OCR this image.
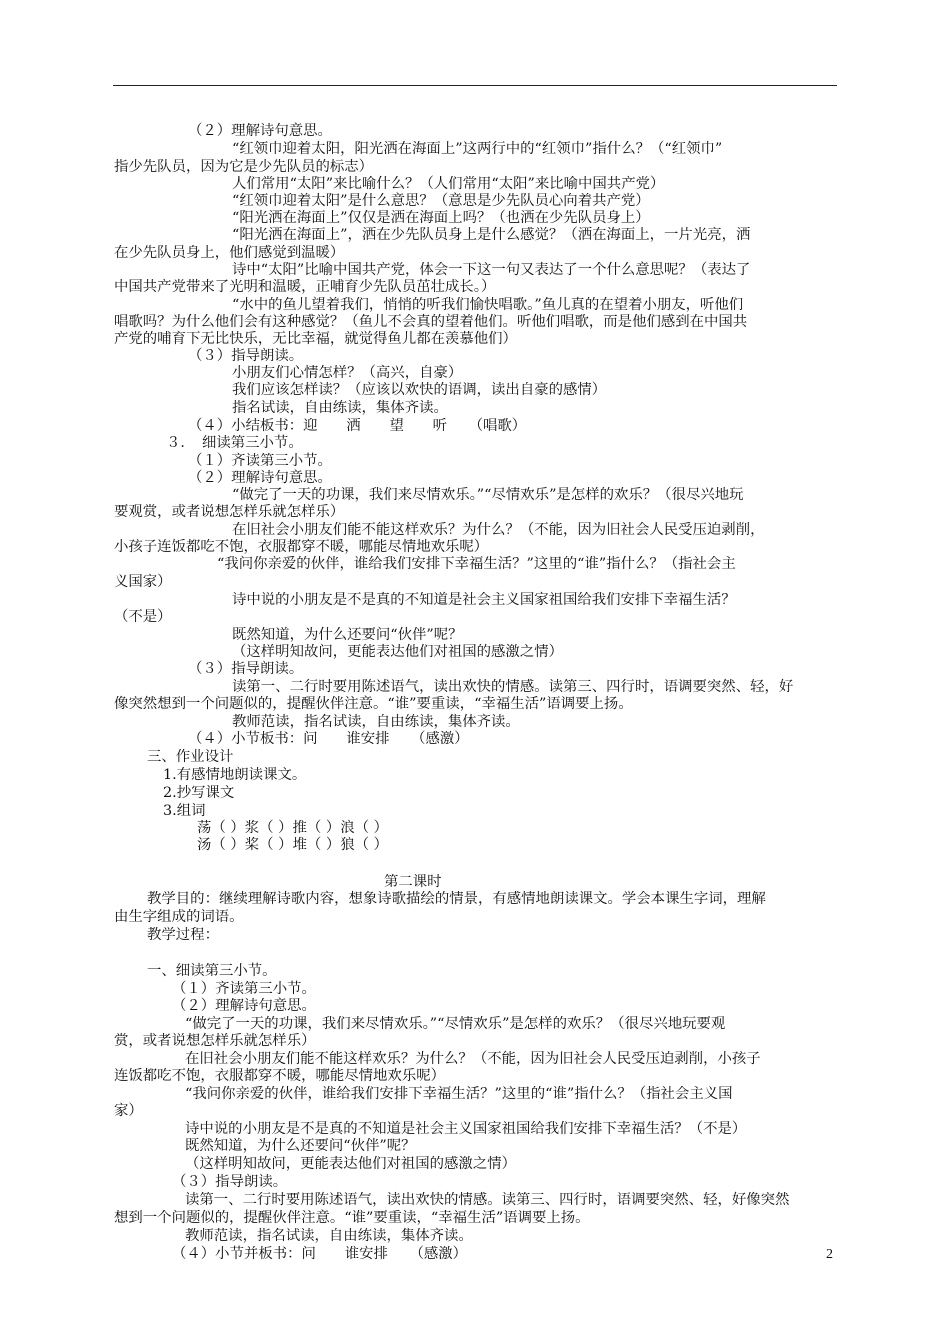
（２）理解诗句意思。
“红领巾迎着太阳，阳光洒在海面上”这两行中的“红领巾”指什么？（“红领巾”
指少先队员，因为它是少先队员的标志）
人们常用“太阳”来比喻什么？（人们常用“太阳”来比喻中国共产党）
“红领巾迎着太阳”是什么意思？（意思是少先队员心向着共产党）
“阳光洒在海面上”仅仅是洒在海面上吗？（也洒在少先队员身上）
“阳光洒在海面上”，洒在少先队员身上是什么感觉？（洒在海面上，一片光亮，洒
在少先队员身上，他们感觉到温暖）
诗中“太阳”比喻中国共产党，体会一下这一句又表达了一个什么意思呢？（表达了
中国共产党带来了光明和温暖，正哺育少先队员茁壮成长。）
“水中的鱼儿望着我们，悄悄的听我们愉快唱歌。”鱼儿真的在望着小朋友，听他们
唱歌吗？为什么他们会有这种感觉？（鱼儿不会真的望着他们。听他们唱歌，而是他们感到在中国共
产党的哺育下无比快乐，无比幸福，就觉得鱼儿都在羡慕他们）
（３）指导朗读。
小朋友们心情怎样？（高兴，自豪）
我们应该怎样读？（应该以欢快的语调，读出自豪的感情）
指名试读，自由练读，集体齐读。
（４）小结板书：迎　　洒　　望　　听　　（唱歌）
３．　细读第三小节。
（１）齐读第三小节。
（２）理解诗句意思。
“做完了一天的功课，我们来尽情欢乐。”“尽情欢乐”是怎样的欢乐？（很尽兴地玩
要观赏，或者说想怎样乐就怎样乐）
在旧社会小朋友们能不能这样欢乐？为什么？（不能，因为旧社会人民受压迫剥削，
小孩子连饭都吃不饱，衣服都穿不暖，哪能尽情地欢乐呢）
“我问你亲爱的伙伴，谁给我们安排下幸福生活？”这里的“谁”指什么？（指社会主
义国家）
诗中说的小朋友是不是真的不知道是社会主义国家祖国给我们安排下幸福生活？
（不是）
既然知道，为什么还要问“伙伴”呢？
（这样明知故问，更能表达他们对祖国的感激之情）
（３）指导朗读。
读第一、二行时要用陈述语气，读出欢快的情感。读第三、四行时，语调要突然、轻，好
像突然想到一个问题似的，提醒伙伴注意。“谁”要重读，“幸福生活”语调要上扬。
教师范读，指名试读，自由练读，集体齐读。
（４）小节板书：问　　谁安排　　（感激）
三、作业设计
1.有感情地朗读课文。
2.抄写课文
3.组词
荡（ ）浆（ ）推（ ）浪（ ）
汤（ ）桨（ ）堆（ ）狼（ ）
第二课时
教学目的：继续理解诗歌内容，想象诗歌描绘的情景，有感情地朗读课文。学会本课生字词，理解
由生字组成的词语。
教学过程：
一、细读第三小节。
（１）齐读第三小节。
（２）理解诗句意思。
“做完了一天的功课，我们来尽情欢乐。”“尽情欢乐”是怎样的欢乐？（很尽兴地玩要观
赏，或者说想怎样乐就怎样乐）
在旧社会小朋友们能不能这样欢乐？为什么？（不能，因为旧社会人民受压迫剥削，小孩子
连饭都吃不饱，衣服都穿不暖，哪能尽情地欢乐呢）
“我问你亲爱的伙伴，谁给我们安排下幸福生活？”这里的“谁”指什么？（指社会主义国
家）
诗中说的小朋友是不是真的不知道是社会主义国家祖国给我们安排下幸福生活？（不是）
既然知道，为什么还要问“伙伴”呢？
（这样明知故问，更能表达他们对祖国的感激之情）
（３）指导朗读。
读第一、二行时要用陈述语气，读出欢快的情感。读第三、四行时，语调要突然、轻，好像突然
想到一个问题似的，提醒伙伴注意。“谁”要重读，“幸福生活”语调要上扬。
教师范读，指名试读，自由练读，集体齐读。
（４）小节并板书：问　　谁安排　　（感激）	2
